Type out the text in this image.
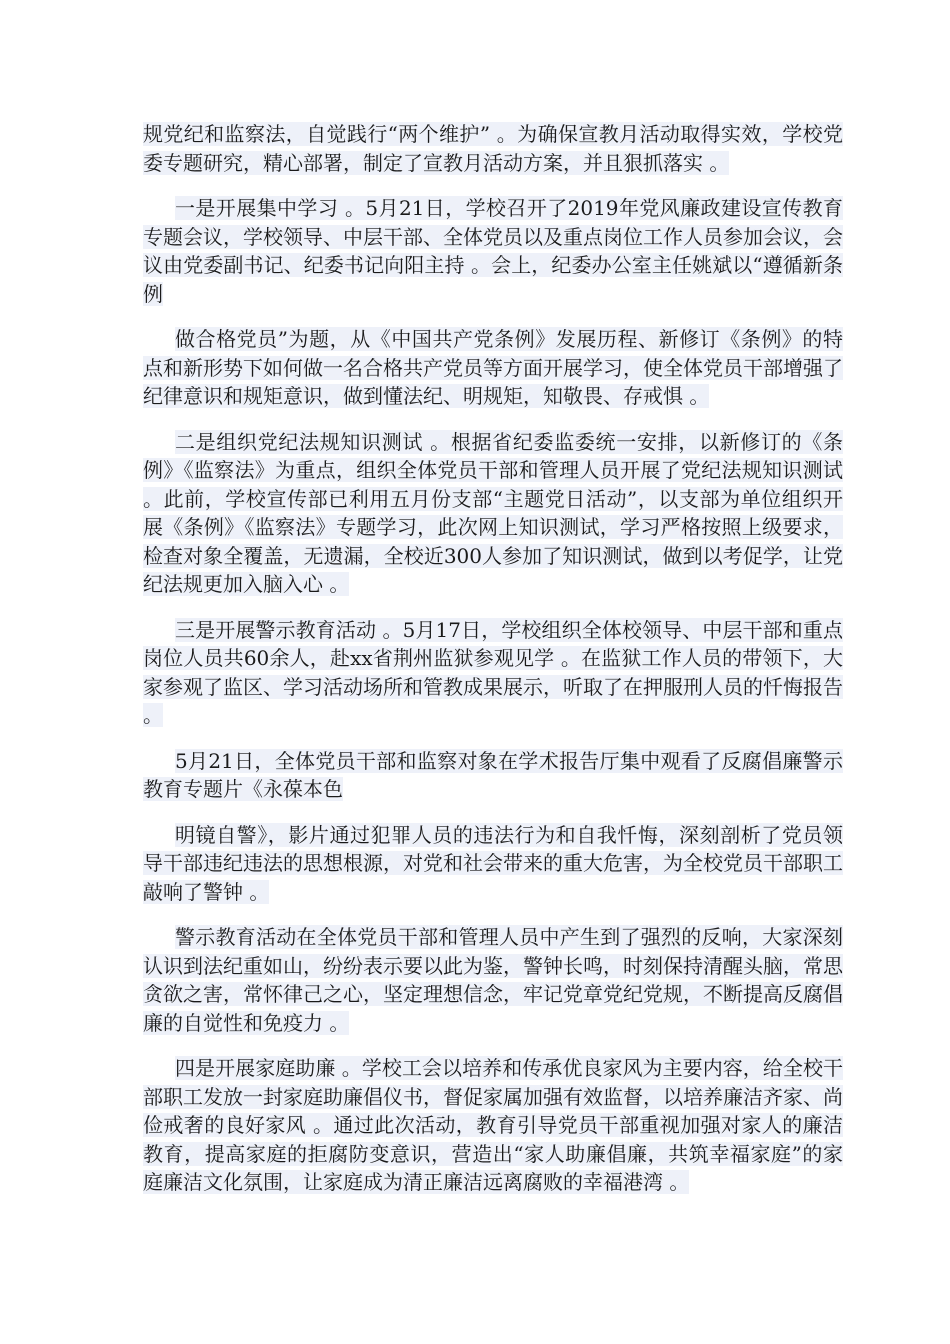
规党纪和监察法，自觉践行“两个维护” 。为确保宣教月活动取得实效，学校党委专题研究，精心部署，制定了宣教月活动方案，并且狠抓落实 。

一是开展集中学习 。5月21日，学校召开了2019年党风廉政建设宣传教育专题会议，学校领导、中层干部、全体党员以及重点岗位工作人员参加会议，会议由党委副书记、纪委书记向阳主持 。会上，纪委办公室主任姚斌以“遵循新条例

做合格党员”为题，从《中国共产党条例》发展历程、新修订《条例》的特点和新形势下如何做一名合格共产党员等方面开展学习，使全体党员干部增强了纪律意识和规矩意识，做到懂法纪、明规矩，知敬畏、存戒惧 。

二是组织党纪法规知识测试 。根据省纪委监委统一安排，以新修订的《条例》《监察法》为重点，组织全体党员干部和管理人员开展了党纪法规知识测试 。此前，学校宣传部已利用五月份支部“主题党日活动”，以支部为单位组织开展《条例》《监察法》专题学习，此次网上知识测试，学习严格按照上级要求，检查对象全覆盖，无遗漏，全校近300人参加了知识测试，做到以考促学，让党纪法规更加入脑入心 。

三是开展警示教育活动 。5月17日，学校组织全体校领导、中层干部和重点岗位人员共60余人，赴xx省荆州监狱参观见学 。在监狱工作人员的带领下，大家参观了监区、学习活动场所和管教成果展示，听取了在押服刑人员的忏悔报告 。

5月21日，全体党员干部和监察对象在学术报告厅集中观看了反腐倡廉警示教育专题片《永葆本色

明镜自警》，影片通过犯罪人员的违法行为和自我忏悔，深刻剖析了党员领导干部违纪违法的思想根源，对党和社会带来的重大危害，为全校党员干部职工敲响了警钟 。

警示教育活动在全体党员干部和管理人员中产生到了强烈的反响，大家深刻认识到法纪重如山，纷纷表示要以此为鉴，警钟长鸣，时刻保持清醒头脑，常思贪欲之害，常怀律己之心，坚定理想信念，牢记党章党纪党规，不断提高反腐倡廉的自觉性和免疫力 。

四是开展家庭助廉 。学校工会以培养和传承优良家风为主要内容，给全校干部职工发放一封家庭助廉倡仪书，督促家属加强有效监督，以培养廉洁齐家、尚俭戒奢的良好家风 。通过此次活动，教育引导党员干部重视加强对家人的廉洁教育，提高家庭的拒腐防变意识，营造出“家人助廉倡廉，共筑幸福家庭”的家庭廉洁文化氛围，让家庭成为清正廉洁远离腐败的幸福港湾 。
